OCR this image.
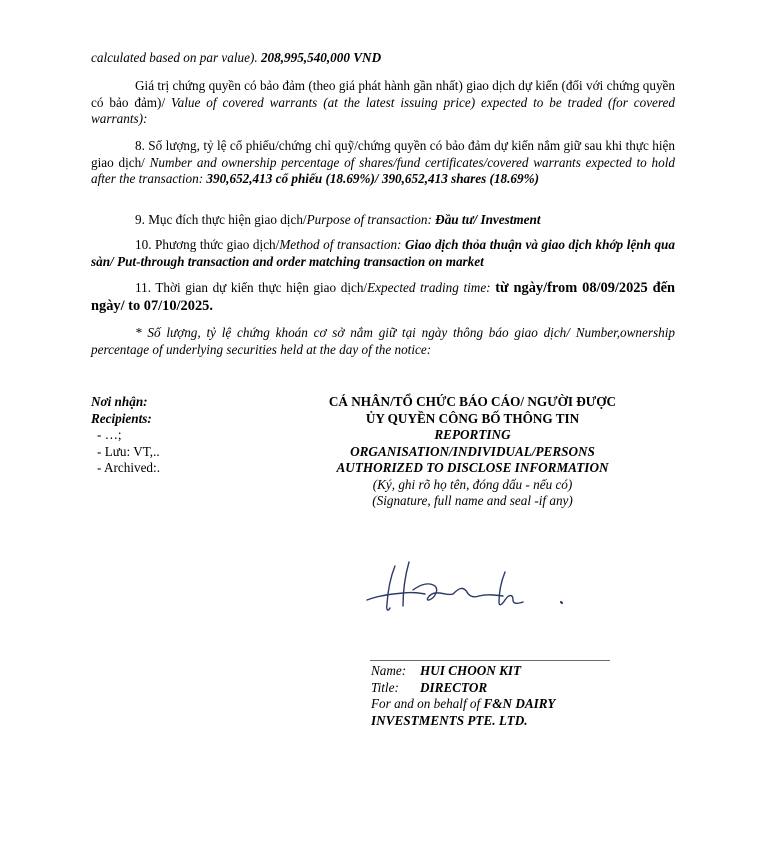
calculated based on par value). 208,995,540,000 VND

Giá trị chứng quyền có bảo đảm (theo giá phát hành gần nhất) giao dịch dự kiến (đối với chứng quyền có bảo đảm)/ Value of covered warrants (at the latest issuing price) expected to be traded (for covered warrants):

8. Số lượng, tỷ lệ cổ phiếu/chứng chỉ quỹ/chứng quyền có bảo đảm dự kiến nắm giữ sau khi thực hiện giao dịch/ Number and ownership percentage of shares/fund certificates/covered warrants expected to hold after the transaction: 390,652,413 cổ phiếu (18.69%)/ 390,652,413 shares (18.69%)

9. Mục đích thực hiện giao dịch/Purpose of transaction: Đầu tư/ Investment

10. Phương thức giao dịch/Method of transaction: Giao dịch thỏa thuận và giao dịch khớp lệnh qua sàn/ Put-through transaction and order matching transaction on market

11. Thời gian dự kiến thực hiện giao dịch/Expected trading time: từ ngày/from 08/09/2025 đến ngày/ to 07/10/2025.

* Số lượng, tỷ lệ chứng khoán cơ sở nắm giữ tại ngày thông báo giao dịch/ Number,ownership percentage of underlying securities held at the day of the notice:

Nơi nhận:
Recipients:
- …;
- Lưu: VT,..
- Archived:.
CÁ NHÂN/TỔ CHỨC BÁO CÁO/ NGƯỜI ĐƯỢC
ỦY QUYỀN CÔNG BỐ THÔNG TIN
REPORTING
ORGANISATION/INDIVIDUAL/PERSONS
AUTHORIZED TO DISCLOSE INFORMATION
(Ký, ghi rõ họ tên, đóng dấu - nếu có)
(Signature, full name and seal -if any)
Name: HUI CHOON KIT
Title: DIRECTOR
For and on behalf of F&N DAIRY
INVESTMENTS PTE. LTD.
